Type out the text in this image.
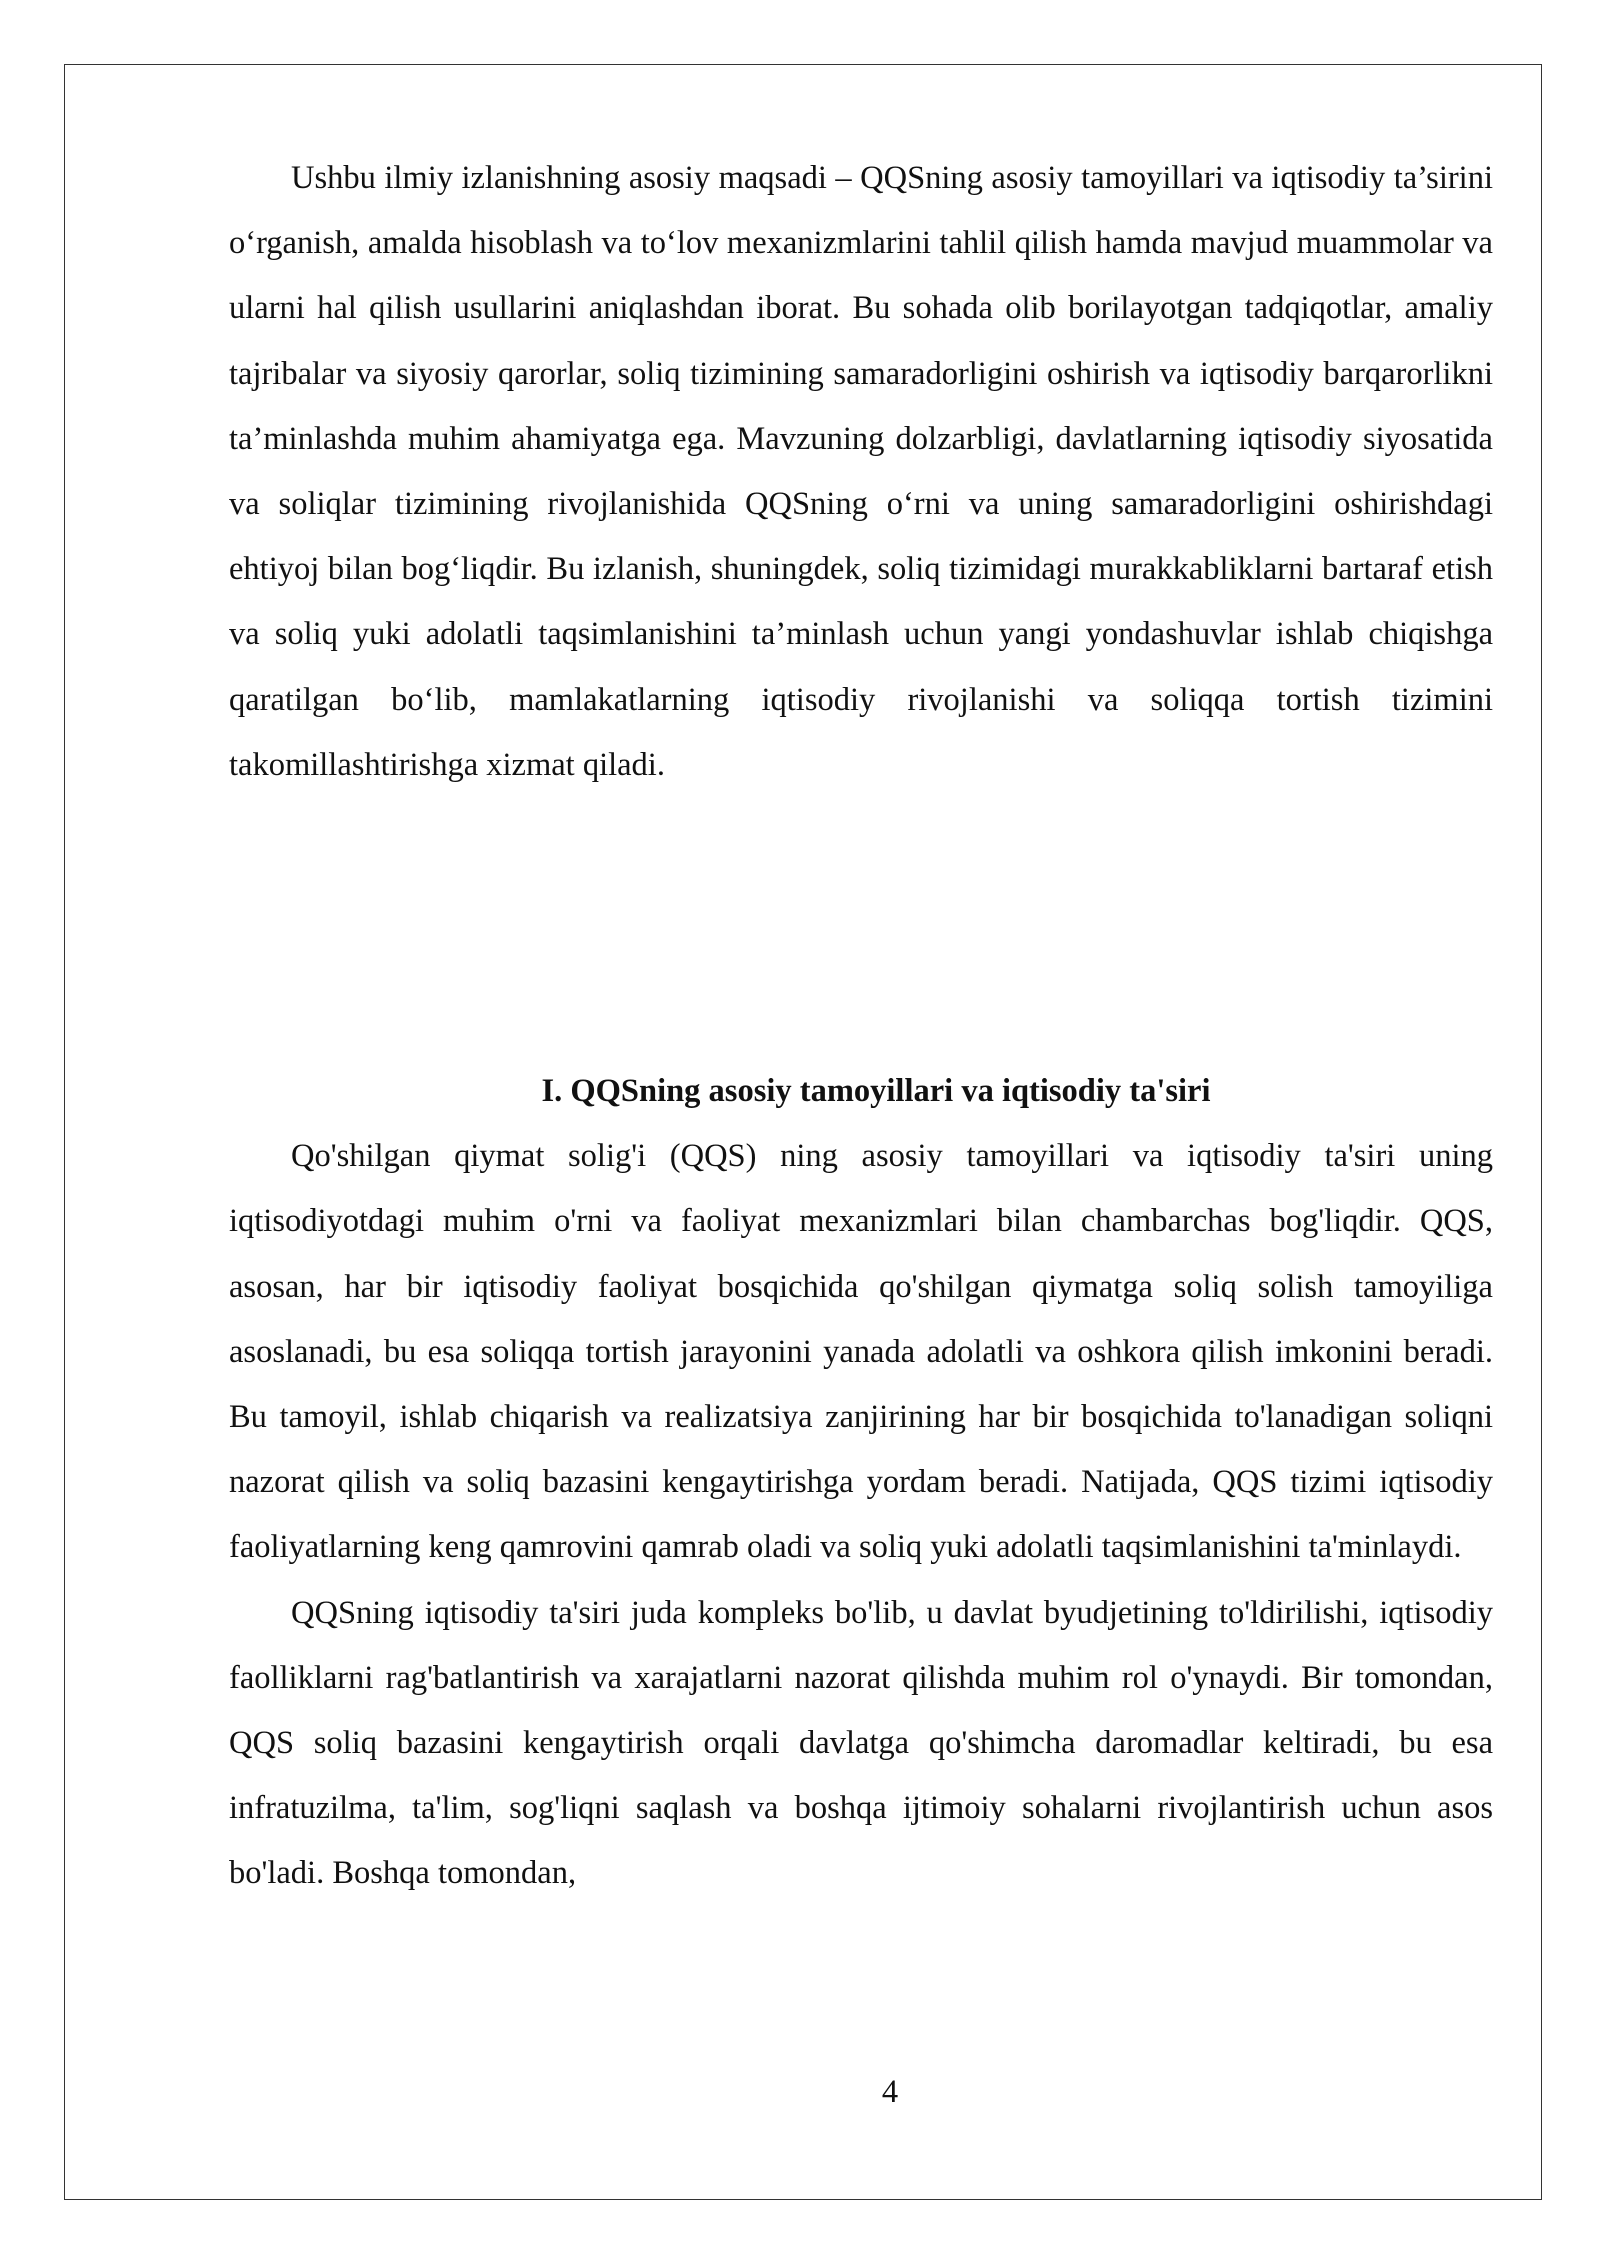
Ushbu ilmiy izlanishning asosiy maqsadi – QQSning asosiy tamoyillari va iqtisodiy ta’sirini o‘rganish, amalda hisoblash va to‘lov mexanizmlarini tahlil qilish hamda mavjud muammolar va ularni hal qilish usullarini aniqlashdan iborat. Bu sohada olib borilayotgan tadqiqotlar, amaliy tajribalar va siyosiy qarorlar, soliq tizimining samaradorligini oshirish va iqtisodiy barqarorlikni ta’minlashda muhim ahamiyatga ega. Mavzuning dolzarbligi, davlatlarning iqtisodiy siyosatida va soliqlar tizimining rivojlanishida QQSning o‘rni va uning samaradorligini oshirishdagi ehtiyoj bilan bog‘liqdir. Bu izlanish, shuningdek, soliq tizimidagi murakkabliklarni bartaraf etish va soliq yuki adolatli taqsimlanishini ta’minlash uchun yangi yondashuvlar ishlab chiqishga qaratilgan bo‘lib, mamlakatlarning iqtisodiy rivojlanishi va soliqqa tortish tizimini takomillashtirishga xizmat qiladi.

I. QQSning asosiy tamoyillari va iqtisodiy ta'siri

Qo'shilgan qiymat solig'i (QQS) ning asosiy tamoyillari va iqtisodiy ta'siri uning iqtisodiyotdagi muhim o'rni va faoliyat mexanizmlari bilan chambarchas bog'liqdir. QQS, asosan, har bir iqtisodiy faoliyat bosqichida qo'shilgan qiymatga soliq solish tamoyiliga asoslanadi, bu esa soliqqa tortish jarayonini yanada adolatli va oshkora qilish imkonini beradi. Bu tamoyil, ishlab chiqarish va realizatsiya zanjirining har bir bosqichida to'lanadigan soliqni nazorat qilish va soliq bazasini kengaytirishga yordam beradi. Natijada, QQS tizimi iqtisodiy faoliyatlarning keng qamrovini qamrab oladi va soliq yuki adolatli taqsimlanishini ta'minlaydi.

QQSning iqtisodiy ta'siri juda kompleks bo'lib, u davlat byudjetining to'ldirilishi, iqtisodiy faolliklarni rag'batlantirish va xarajatlarni nazorat qilishda muhim rol o'ynaydi. Bir tomondan, QQS soliq bazasini kengaytirish orqali davlatga qo'shimcha daromadlar keltiradi, bu esa infratuzilma, ta'lim, sog'liqni saqlash va boshqa ijtimoiy sohalarni rivojlantirish uchun asos bo'ladi. Boshqa tomondan,

4
